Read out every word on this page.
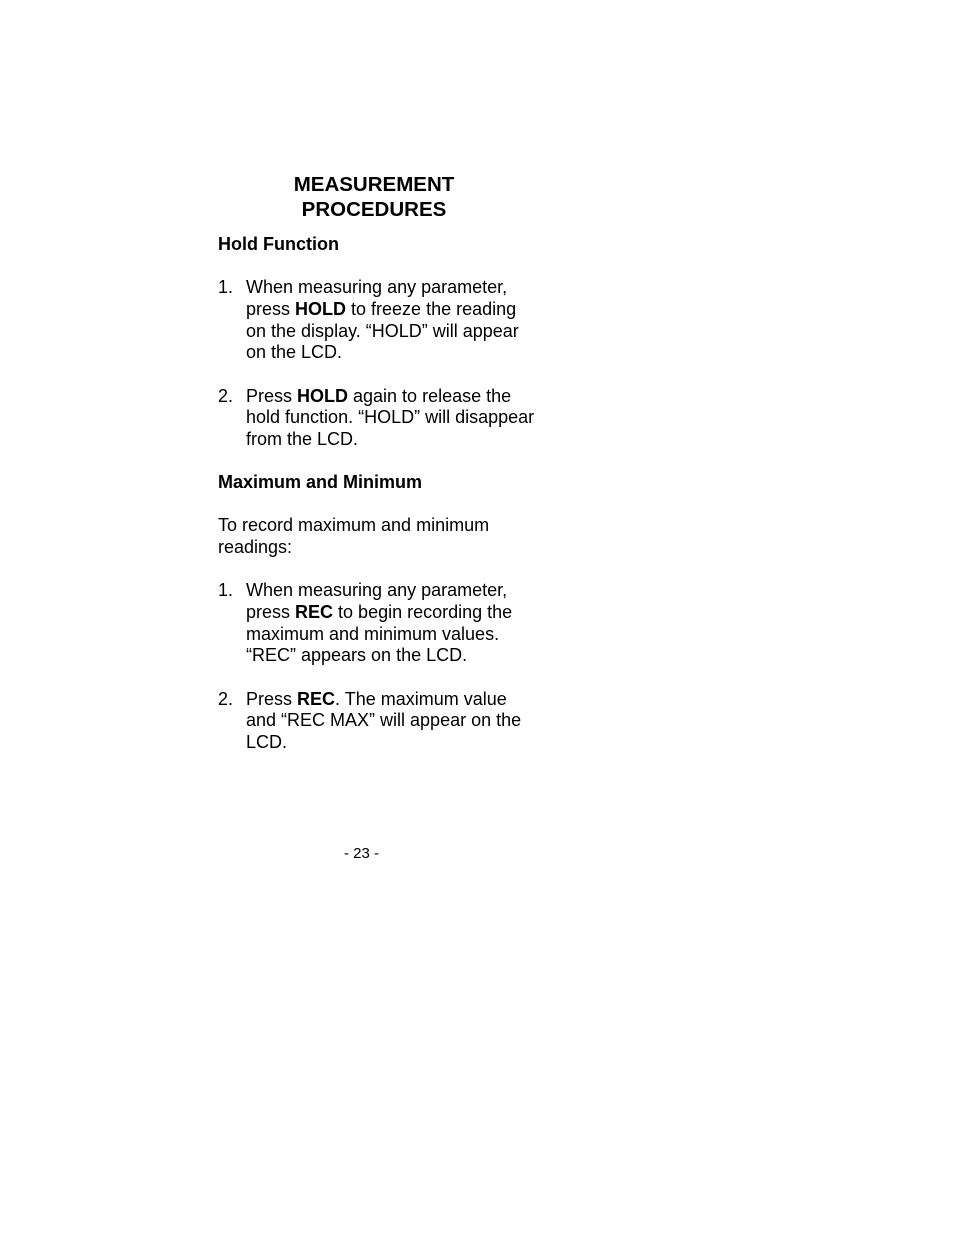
MEASUREMENT
PROCEDURES
Hold Function
1. When measuring any parameter, press HOLD to freeze the reading on the display. “HOLD” will appear on the LCD.
2. Press HOLD again to release the hold function. “HOLD” will disappear from the LCD.
Maximum and Minimum

To record maximum and minimum readings:

1. When measuring any parameter, press REC to begin recording the maximum and minimum values. “REC” appears on the LCD.
2. Press REC. The maximum value and “REC MAX” will appear on the LCD.
- 23 -
